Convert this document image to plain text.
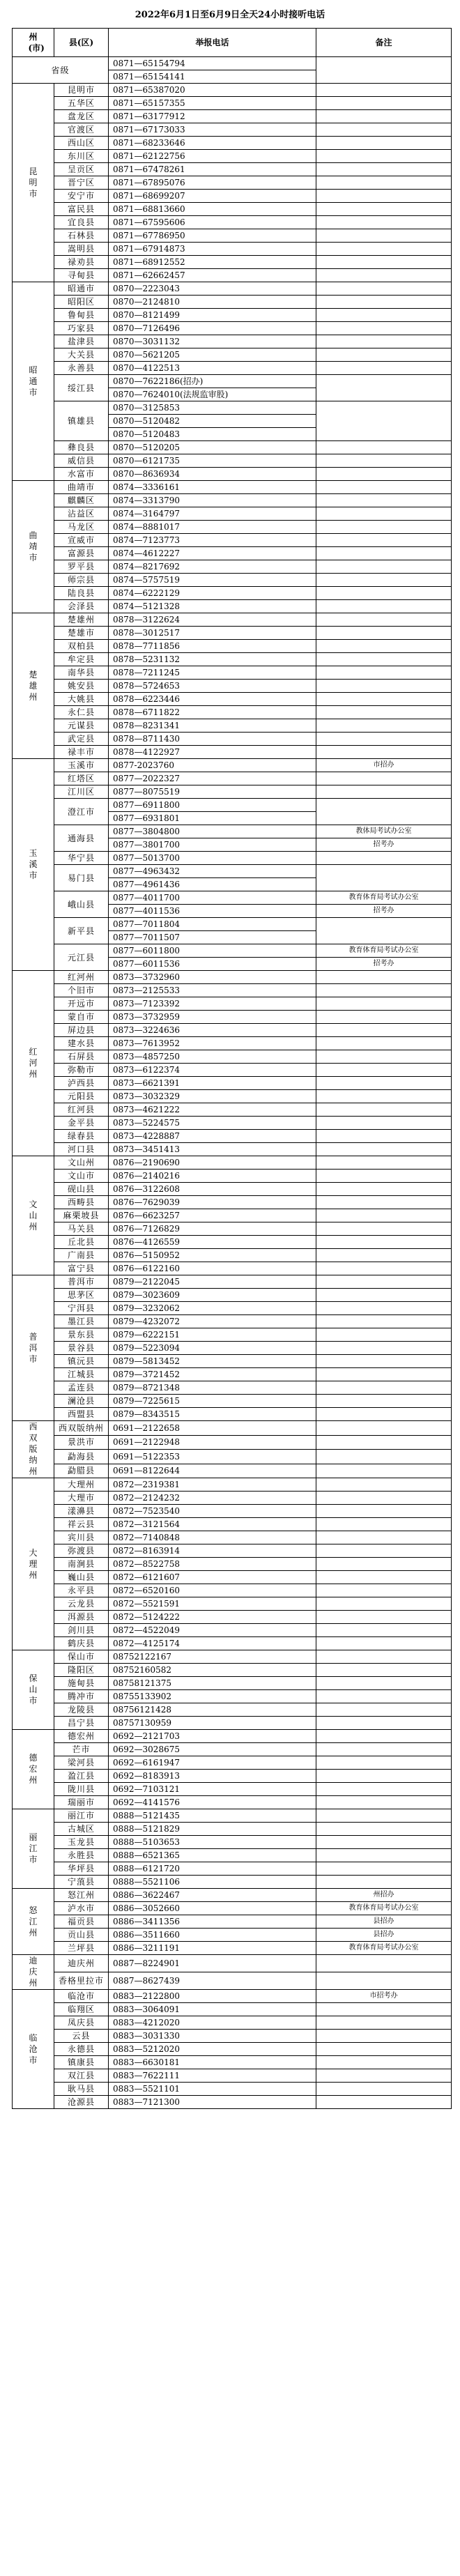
2022年6月1日至6月9日全天24小时接听电话
州(市)	县(区)	举报电话	备注
省级		0871—65154794	
		0871—65154141	
昆明市	昆明市	0871—65387020	
	五华区	0871—65157355	
	盘龙区	0871—63177912	
	官渡区	0871—67173033	
	西山区	0871—68233646	
	东川区	0871—62122756	
	呈贡区	0871—67478261	
	晋宁区	0871—67895076	
	安宁市	0871—68699207	
	富民县	0871—68813660	
	宜良县	0871—67595606	
	石林县	0871—67786950	
	嵩明县	0871—67914873	
	禄劝县	0871—68912552	
	寻甸县	0871—62662457	
昭通市	昭通市	0870—2223043	
	昭阳区	0870—2124810	
	鲁甸县	0870—8121499	
	巧家县	0870—7126496	
	盐津县	0870—3031132	
	大关县	0870—5621205	
	永善县	0870—4122513	
	绥江县	0870—7622186(招办)	
		0870—7624010(法规监审股)	
	镇雄县	0870—3125853	
		0870—5120482	
		0870—5120483	
	彝良县	0870—5120205	
	威信县	0870—6121735	
	水富市	0870—8636934	
曲靖市	曲靖市	0874—3336161	
	麒麟区	0874—3313790	
	沾益区	0874—3164797	
	马龙区	0874—8881017	
	宣威市	0874—7123773	
	富源县	0874—4612227	
	罗平县	0874—8217692	
	师宗县	0874—5757519	
	陆良县	0874—6222129	
	会泽县	0874—5121328	
楚雄州	楚雄州	0878—3122624	
	楚雄市	0878—3012517	
	双柏县	0878—7711856	
	牟定县	0878—5231132	
	南华县	0878—7211245	
	姚安县	0878—5724653	
	大姚县	0878—6223446	
	永仁县	0878—6711822	
	元谋县	0878—8231341	
	武定县	0878—8711430	
	禄丰市	0878—4122927	
玉溪市	玉溪市	0877-2023760	市招办
	红塔区	0877—2022327	
	江川区	0877—8075519	
	澄江市	0877—6911800	
		0877—6931801	
	通海县	0877—3804800	教体局考试办公室
		0877—3801700	招考办
	华宁县	0877—5013700	
	易门县	0877—4963432	
		0877—4961436	
	峨山县	0877—4011700	教育体育局考试办公室
		0877—4011536	招考办
	新平县	0877—7011804	
		0877—7011507	
	元江县	0877—6011800	教育体育局考试办公室
		0877—6011536	招考办
红河州	红河州	0873—3732960	
	个旧市	0873—2125533	
	开远市	0873—7123392	
	蒙自市	0873—3732959	
	屏边县	0873—3224636	
	建水县	0873—7613952	
	石屏县	0873—4857250	
	弥勒市	0873—6122374	
	泸西县	0873—6621391	
	元阳县	0873—3032329	
	红河县	0873—4621222	
	金平县	0873—5224575	
	绿春县	0873—4228887	
	河口县	0873—3451413	
文山州	文山州	0876—2190690	
	文山市	0876—2140216	
	砚山县	0876—3122608	
	西畴县	0876—7629039	
	麻栗坡县	0876—6623257	
	马关县	0876—7126829	
	丘北县	0876—4126559	
	广南县	0876—5150952	
	富宁县	0876—6122160	
普洱市	普洱市	0879—2122045	
	思茅区	0879—3023609	
	宁洱县	0879—3232062	
	墨江县	0879—4232072	
	景东县	0879—6222151	
	景谷县	0879—5223094	
	镇沅县	0879—5813452	
	江城县	0879—3721452	
	孟连县	0879—8721348	
	澜沧县	0879—7225615	
	西盟县	0879—8343515	
西双版纳州	西双版纳州	0691—2122658	
	景洪市	0691—2122948	
	勐海县	0691—5122353	
	勐腊县	0691—8122644	
大理州	大理州	0872—2319381	
	大理市	0872—2124232	
	漾濞县	0872—7523540	
	祥云县	0872—3121564	
	宾川县	0872—7140848	
	弥渡县	0872—8163914	
	南涧县	0872—8522758	
	巍山县	0872—6121607	
	永平县	0872—6520160	
	云龙县	0872—5521591	
	洱源县	0872—5124222	
	剑川县	0872—4522049	
	鹤庆县	0872—4125174	
保山市	保山市	08752122167	
	隆阳区	08752160582	
	施甸县	08758121375	
	腾冲市	08755133902	
	龙陵县	08756121428	
	昌宁县	08757130959	
德宏州	德宏州	0692—2121703	
	芒市	0692—3028675	
	梁河县	0692—6161947	
	盈江县	0692—8183913	
	陇川县	0692—7103121	
	瑞丽市	0692—4141576	
丽江市	丽江市	0888—5121435	
	古城区	0888—5121829	
	玉龙县	0888—5103653	
	永胜县	0888—6521365	
	华坪县	0888—6121720	
	宁蒗县	0888—5521106	
怒江州	怒江州	0886—3622467	州招办
	泸水市	0886—3052660	教育体育局考试办公室
	福贡县	0886—3411356	县招办
	贡山县	0886—3511660	县招办
	兰坪县	0886—3211191	教育体育局考试办公室
迪庆州	迪庆州	0887—8224901	
	香格里拉市	0887—8627439	
临沧市	临沧市	0883—2122800	市招考办
	临翔区	0883—3064091	
	凤庆县	0883—4212020	
	云县	0883—3031330	
	永德县	0883—5212020	
	镇康县	0883—6630181	
	双江县	0883—7622111	
	耿马县	0883—5521101	
	沧源县	0883—7121300	
